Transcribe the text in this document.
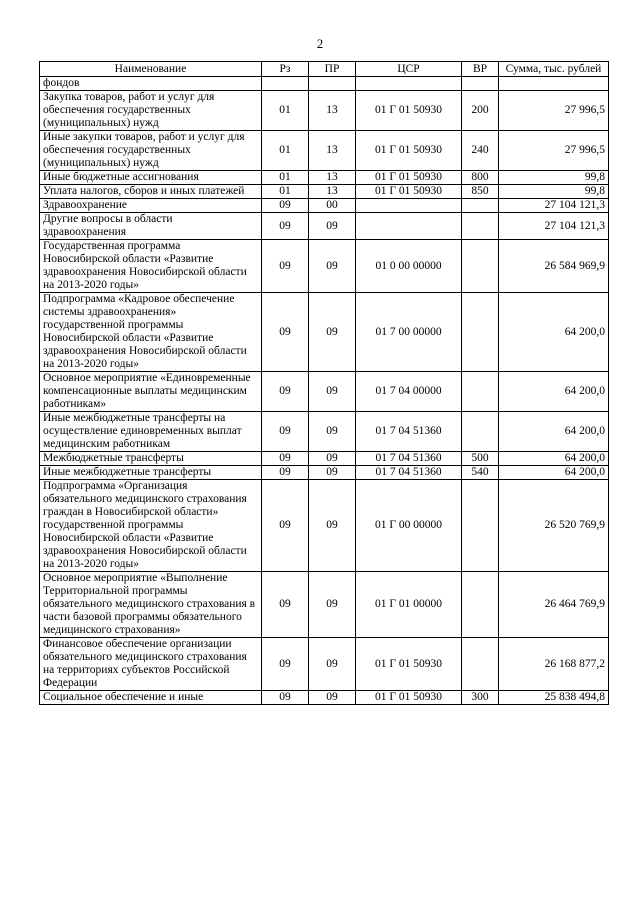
2
Наименование	Рз	ПР	ЦСР	ВР	Сумма, тыс. рублей
фондов					
Закупка товаров, работ и услуг для обеспечения государственных (муниципальных) нужд	01	13	01 Г 01 50930	200	27 996,5
Иные закупки товаров, работ и услуг для обеспечения государственных (муниципальных) нужд	01	13	01 Г 01 50930	240	27 996,5
Иные бюджетные ассигнования	01	13	01 Г 01 50930	800	99,8
Уплата налогов, сборов и иных платежей	01	13	01 Г 01 50930	850	99,8
Здравоохранение	09	00			27 104 121,3
Другие вопросы в области здравоохранения	09	09			27 104 121,3
Государственная программа Новосибирской области «Развитие здравоохранения Новосибирской области на 2013-2020 годы»	09	09	01 0 00 00000		26 584 969,9
Подпрограмма «Кадровое обеспечение системы здравоохранения» государственной программы Новосибирской области «Развитие здравоохранения Новосибирской области на 2013-2020 годы»	09	09	01 7 00 00000		64 200,0
Основное мероприятие «Единовременные компенсационные выплаты медицинским работникам»	09	09	01 7 04 00000		64 200,0
Иные межбюджетные трансферты на осуществление единовременных выплат медицинским работникам	09	09	01 7 04 51360		64 200,0
Межбюджетные трансферты	09	09	01 7 04 51360	500	64 200,0
Иные межбюджетные трансферты	09	09	01 7 04 51360	540	64 200,0
Подпрограмма «Организация обязательного медицинского страхования граждан в Новосибирской области» государственной программы Новосибирской области «Развитие здравоохранения Новосибирской области на 2013-2020 годы»	09	09	01 Г 00 00000		26 520 769,9
Основное мероприятие «Выполнение Территориальной программы обязательного медицинского страхования в части базовой программы обязательного медицинского страхования»	09	09	01 Г 01 00000		26 464 769,9
Финансовое обеспечение организации обязательного медицинского страхования на территориях субъектов Российской Федерации	09	09	01 Г 01 50930		26 168 877,2
Социальное обеспечение и иные	09	09	01 Г 01 50930	300	25 838 494,8
